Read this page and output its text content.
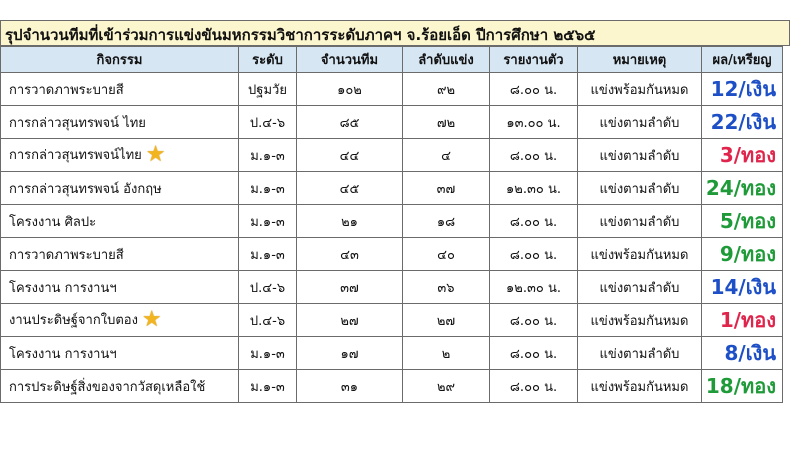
รุปจำนวนทีมที่เข้าร่วมการแข่งขันมหกรรมวิชาการระดับภาคฯ จ.ร้อยเอ็ด ปีการศึกษา ๒๕๖๕
กิจกรรม	ระดับ	จำนวนทีม	ลำดับแข่ง	รายงานตัว	หมายเหตุ	ผล/เหรียญ
การวาดภาพระบายสี	ปฐมวัย	๑๐๒	๙๒	๘.๐๐ น.	แข่งพร้อมกันหมด	12/เงิน
การกล่าวสุนทรพจน์ ไทย	ป.๔-๖	๘๕	๗๒	๑๓.๐๐ น.	แข่งตามลำดับ	22/เงิน
การกล่าวสุนทรพจน์ไทย ★	ม.๑-๓	๔๔	๔	๘.๐๐ น.	แข่งตามลำดับ	3/ทอง
การกล่าวสุนทรพจน์ อังกฤษ	ม.๑-๓	๔๕	๓๗	๑๒.๓๐ น.	แข่งตามลำดับ	24/ทอง
โครงงาน ศิลปะ	ม.๑-๓	๒๑	๑๘	๘.๐๐ น.	แข่งตามลำดับ	5/ทอง
การวาดภาพระบายสี	ม.๑-๓	๔๓	๔๐	๘.๐๐ น.	แข่งพร้อมกันหมด	9/ทอง
โครงงาน การงานฯ	ป.๔-๖	๓๗	๓๖	๑๒.๓๐ น.	แข่งตามลำดับ	14/เงิน
งานประดิษฐ์จากใบตอง ★	ป.๔-๖	๒๗	๒๗	๘.๐๐ น.	แข่งพร้อมกันหมด	1/ทอง
โครงงาน การงานฯ	ม.๑-๓	๑๗	๒	๘.๐๐ น.	แข่งตามลำดับ	8/เงิน
การประดิษฐ์สิ่งของจากวัสดุเหลือใช้	ม.๑-๓	๓๑	๒๙	๘.๐๐ น.	แข่งพร้อมกันหมด	18/ทอง
